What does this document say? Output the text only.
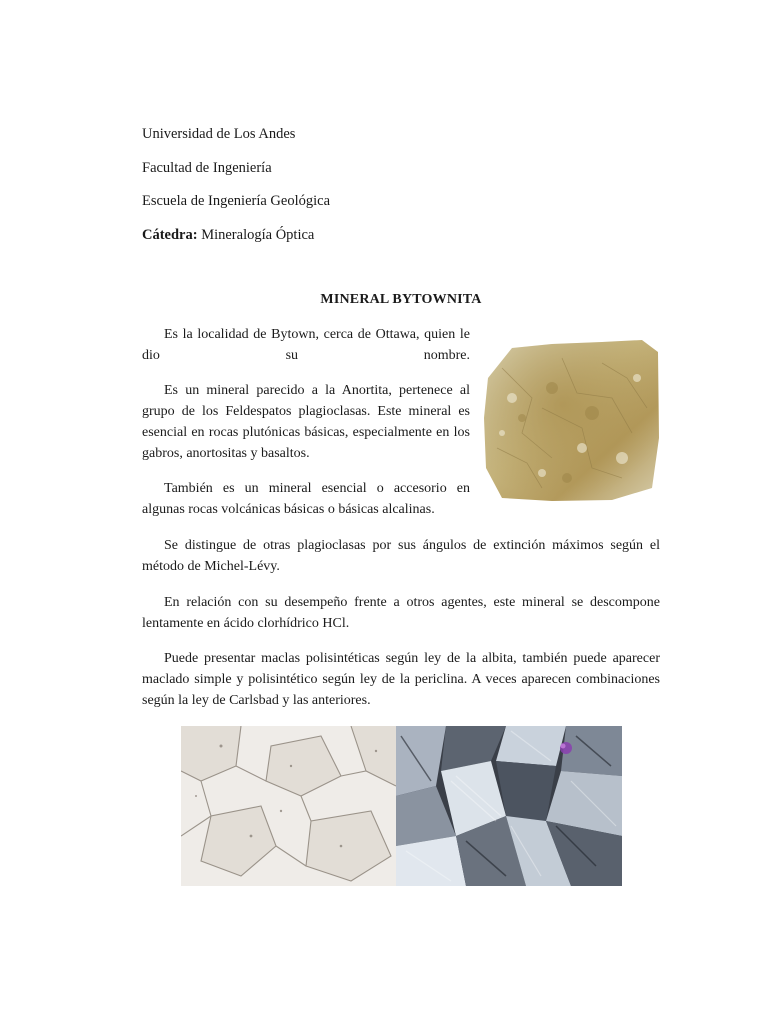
Universidad de Los Andes
Facultad de Ingeniería
Escuela de Ingeniería Geológica
Cátedra: Mineralogía Óptica
MINERAL BYTOWNITA

Es la localidad de Bytown, cerca de Ottawa, quien le dio su nombre.

Es un mineral parecido a la Anortita, pertenece al grupo de los Feldespatos plagioclasas. Este mineral es esencial en rocas plutónicas básicas, especialmente en los gabros, anortositas y basaltos.

También es un mineral esencial o accesorio en algunas rocas volcánicas básicas o básicas alcalinas.

Se distingue de otras plagioclasas por sus ángulos de extinción máximos según el método de Michel-Lévy.

En relación con su desempeño frente a otros agentes, este mineral se descompone lentamente en ácido clorhídrico HCl.

Puede presentar maclas polisintéticas según ley de la albita, también puede aparecer maclado simple y polisintético según ley de la periclina. A veces aparecen combinaciones según la ley de Carlsbad y las anteriores.
